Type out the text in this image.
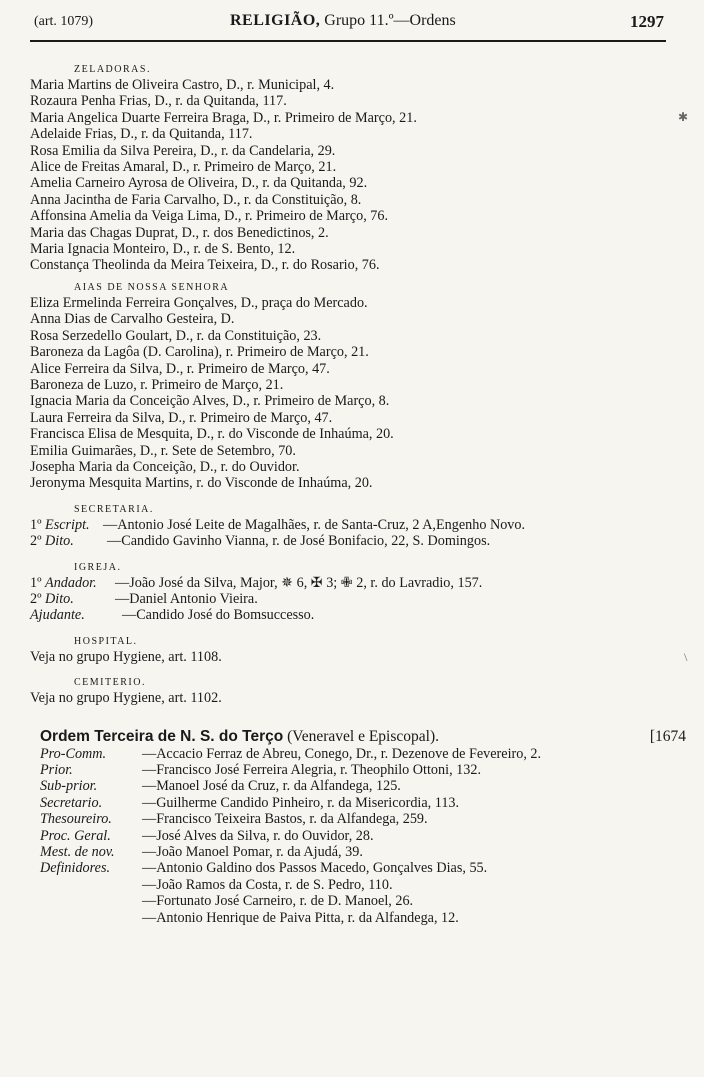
(art. 1079)	RELIGIÃO, Grupo 11.º—Ordens	1297
✱
\
ZELADORAS.
Maria Martins de Oliveira Castro, D., r. Municipal, 4.
Rozaura Penha Frias, D., r. da Quitanda, 117.
Maria Angelica Duarte Ferreira Braga, D., r. Primeiro de Março, 21.
Adelaide Frias, D., r. da Quitanda, 117.
Rosa Emilia da Silva Pereira, D., r. da Candelaria, 29.
Alice de Freitas Amaral, D., r. Primeiro de Março, 21.
Amelia Carneiro Ayrosa de Oliveira, D., r. da Quitanda, 92.
Anna Jacintha de Faria Carvalho, D., r. da Constituição, 8.
Affonsina Amelia da Veiga Lima, D., r. Primeiro de Março, 76.
Maria das Chagas Duprat, D., r. dos Benedictinos, 2.
Maria Ignacia Monteiro, D., r. de S. Bento, 12.
Constança Theolinda da Meira Teixeira, D., r. do Rosario, 76.
AIAS DE NOSSA SENHORA
Eliza Ermelinda Ferreira Gonçalves, D., praça do Mercado.
Anna Dias de Carvalho Gesteira, D.
Rosa Serzedello Goulart, D., r. da Constituição, 23.
Baroneza da Lagôa (D. Carolina), r. Primeiro de Março, 21.
Alice Ferreira da Silva, D., r. Primeiro de Março, 47.
Baroneza de Luzo, r. Primeiro de Março, 21.
Ignacia Maria da Conceição Alves, D., r. Primeiro de Março, 8.
Laura Ferreira da Silva, D., r. Primeiro de Março, 47.
Francisca Elisa de Mesquita, D., r. do Visconde de Inhaúma, 20.
Emilia Guimarães, D., r. Sete de Setembro, 70.
Josepha Maria da Conceição, D., r. do Ouvidor.
Jeronyma Mesquita Martins, r. do Visconde de Inhaúma, 20.
SECRETARIA.
1º Escript. —Antonio José Leite de Magalhães, r. de Santa-Cruz, 2 A,Engenho Novo.
2º Dito. —Candido Gavinho Vianna, r. de José Bonifacio, 22, S. Domingos.
IGREJA.
1º Andador. —João José da Silva, Major, ✵ 6, ✠ 3; ✙ 2, r. do Lavradio, 157.
2º Dito.	—Daniel Antonio Vieira.
Ajudante.	—Candido José do Bomsuccesso.
HOSPITAL.
Veja no grupo Hygiene, art. 1108.
CEMITERIO.
Veja no grupo Hygiene, art. 1102.
Ordem Terceira de N. S. do Terço (Veneravel e Episcopal).	[1674
Pro-Comm.	—Accacio Ferraz de Abreu, Conego, Dr., r. Dezenove de Fevereiro, 2.
Prior.	—Francisco José Ferreira Alegria, r. Theophilo Ottoni, 132.
Sub-prior.	—Manoel José da Cruz, r. da Alfandega, 125.
Secretario.	—Guilherme Candido Pinheiro, r. da Misericordia, 113.
Thesoureiro. —Francisco Teixeira Bastos, r. da Alfandega, 259.
Proc. Geral. —José Alves da Silva, r. do Ouvidor, 28.
Mest. de nov. —João Manoel Pomar, r. da Ajudá, 39.
Definidores. —Antonio Galdino dos Passos Macedo, Gonçalves Dias, 55.
—João Ramos da Costa, r. de S. Pedro, 110.
—Fortunato José Carneiro, r. de D. Manoel, 26.
—Antonio Henrique de Paiva Pitta, r. da Alfandega, 12.
